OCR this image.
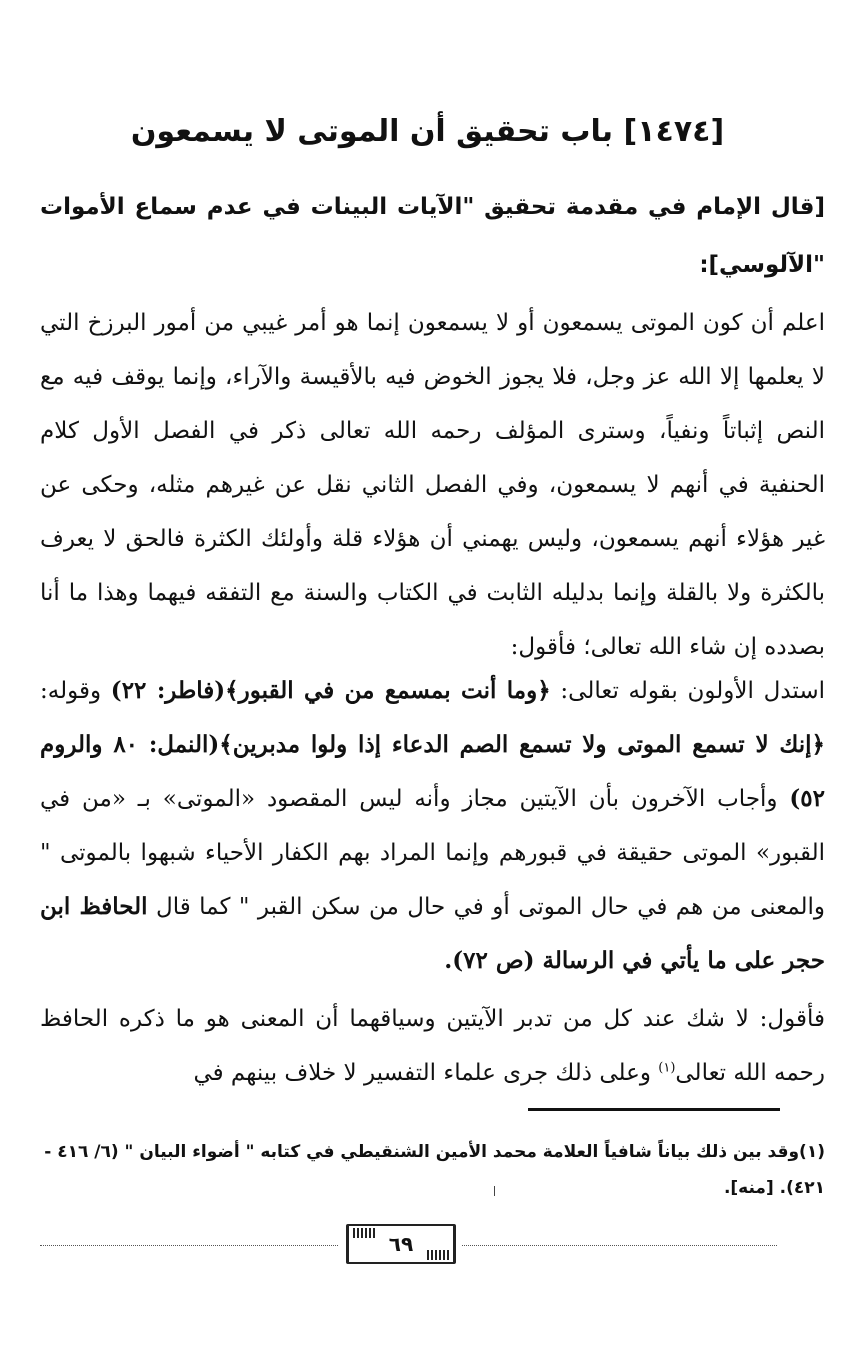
[١٤٧٤] باب تحقيق أن الموتى لا يسمعون
[قال الإمام في مقدمة تحقيق "الآيات البينات في عدم سماع الأموات "الآلوسي]:
اعلم أن كون الموتى يسمعون أو لا يسمعون إنما هو أمر غيبي من أمور البرزخ التي لا يعلمها إلا الله عز وجل، فلا يجوز الخوض فيه بالأقيسة والآراء، وإنما يوقف فيه مع النص إثباتاً ونفياً، وسترى المؤلف رحمه الله تعالى ذكر في الفصل الأول كلام الحنفية في أنهم لا يسمعون، وفي الفصل الثاني نقل عن غيرهم مثله، وحكى عن غير هؤلاء أنهم يسمعون، وليس يهمني أن هؤلاء قلة وأولئك الكثرة فالحق لا يعرف بالكثرة ولا بالقلة وإنما بدليله الثابت في الكتاب والسنة مع التفقه فيهما وهذا ما أنا بصدده إن شاء الله تعالى؛ فأقول:
استدل الأولون بقوله تعالى: ﴿وما أنت بمسمع من في القبور﴾(فاطر: ٢٢) وقوله: ﴿إنك لا تسمع الموتى ولا تسمع الصم الدعاء إذا ولوا مدبرين﴾(النمل: ٨٠ والروم ٥٢) وأجاب الآخرون بأن الآيتين مجاز وأنه ليس المقصود «الموتى» بـ «من في القبور» الموتى حقيقة في قبورهم وإنما المراد بهم الكفار الأحياء شبهوا بالموتى " والمعنى من هم في حال الموتى أو في حال من سكن القبر " كما قال الحافظ ابن حجر على ما يأتي في الرسالة (ص ٧٢).
فأقول: لا شك عند كل من تدبر الآيتين وسياقهما أن المعنى هو ما ذكره الحافظ رحمه الله تعالى$^{(١)}$ وعلى ذلك جرى علماء التفسير لا خلاف بينهم في
(١)وقد بين ذلك بياناً شافياً العلامة محمد الأمين الشنقيطي في كتابه " أضواء البيان " (٦/ ٤١٦ - ٤٢١). [منه].
٦٩
